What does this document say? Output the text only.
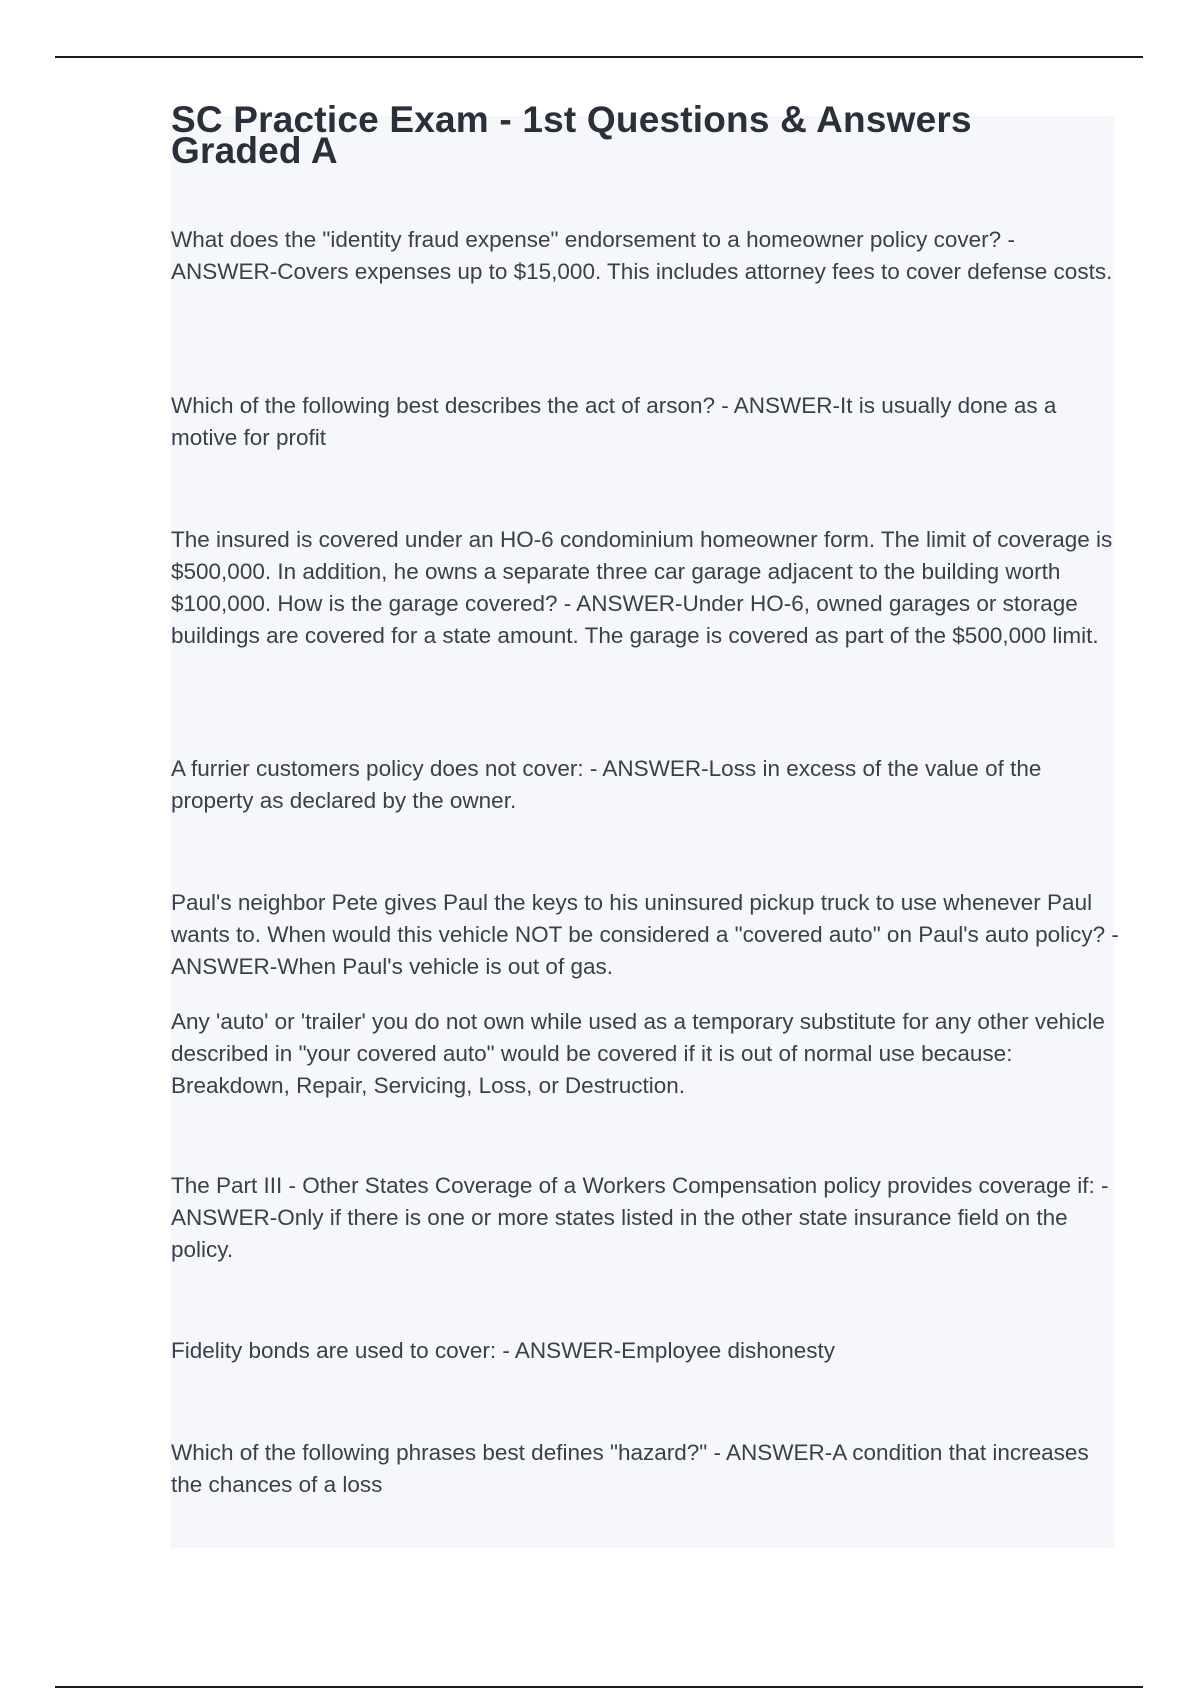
SC Practice Exam - 1st Questions & Answers Graded A

What does the "identity fraud expense" endorsement to a homeowner policy cover? - ANSWER-Covers expenses up to $15,000. This includes attorney fees to cover defense costs.

Which of the following best describes the act of arson? - ANSWER-It is usually done as a motive for profit

The insured is covered under an HO-6 condominium homeowner form. The limit of coverage is $500,000. In addition, he owns a separate three car garage adjacent to the building worth $100,000. How is the garage covered? - ANSWER-Under HO-6, owned garages or storage buildings are covered for a state amount. The garage is covered as part of the $500,000 limit.

A furrier customers policy does not cover: - ANSWER-Loss in excess of the value of the property as declared by the owner.

Paul's neighbor Pete gives Paul the keys to his uninsured pickup truck to use whenever Paul wants to. When would this vehicle NOT be considered a "covered auto" on Paul's auto policy? - ANSWER-When Paul's vehicle is out of gas.

Any 'auto' or 'trailer' you do not own while used as a temporary substitute for any other vehicle described in "your covered auto" would be covered if it is out of normal use because: Breakdown, Repair, Servicing, Loss, or Destruction.

The Part III - Other States Coverage of a Workers Compensation policy provides coverage if: - ANSWER-Only if there is one or more states listed in the other state insurance field on the policy.

Fidelity bonds are used to cover: - ANSWER-Employee dishonesty

Which of the following phrases best defines "hazard?" - ANSWER-A condition that increases the chances of a loss
